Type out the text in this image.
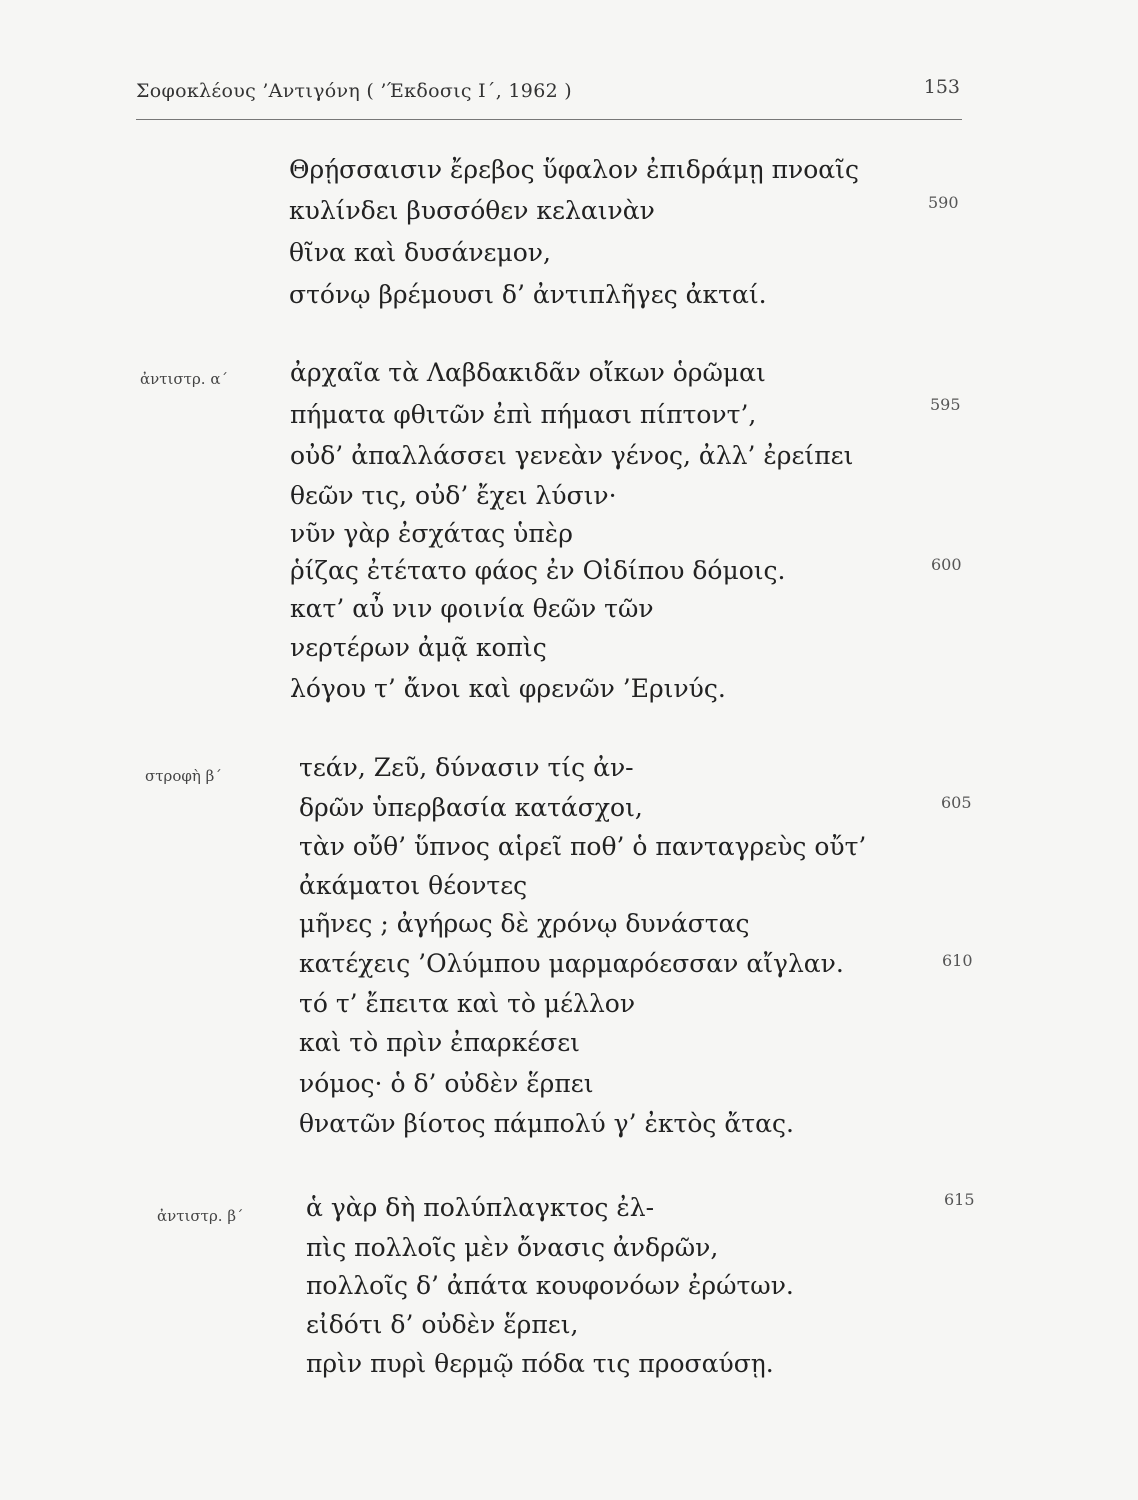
Σοφοκλέους ’Αντιγόνη ( ’Έκδοσις Ι΄, 1962 )	153
Θρῄσσαισιν ἔρεβος ὕφαλον ἐπιδράμῃ πνοαῖς
κυλίνδει βυσσόθεν κελαινὰν
θῖνα καὶ δυσάνεμον,
στόνῳ βρέμουσι δ’ ἀντιπλῆγες ἀκταί.
590
ἀντιστρ. α΄ ἀρχαῖα τὰ Λαβδακιδᾶν οἴκων ὁρῶμαι
πήματα φθιτῶν ἐπὶ πήμασι πίπτοντ’,
οὐδ’ ἀπαλλάσσει γενεὰν γένος, ἀλλ’ ἐρείπει
θεῶν τις, οὐδ’ ἔχει λύσιν·
νῦν γὰρ ἐσχάτας ὑπὲρ
ῥίζας ἐτέτατο φάος ἐν Οἰδίπου δόμοις.
κατ’ αὖ νιν φοινία θεῶν τῶν
νερτέρων ἀμᾷ κοπὶς
λόγου τ’ ἄνοι καὶ φρενῶν ’Ερινύς.
595
600
στροφὴ β΄	τεάν, Ζεῦ, δύνασιν τίς ἀν-
δρῶν ὑπερβασία κατάσχοι,
τὰν οὔθ’ ὕπνος αἱρεῖ ποθ’ ὁ πανταγρεὺς οὔτ’
ἀκάματοι θέοντες
μῆνες ; ἀγήρως δὲ χρόνῳ δυνάστας
κατέχεις ’Ολύμπου μαρμαρόεσσαν αἴγλαν.
τό τ’ ἔπειτα καὶ τὸ μέλλον
καὶ τὸ πρὶν ἐπαρκέσει
νόμος· ὁ δ’ οὐδὲν ἕρπει
θνατῶν βίοτος πάμπολύ γ’ ἐκτὸς ἄτας.
605
610
ἀντιστρ. β΄	ἁ γὰρ δὴ πολύπλαγκτος ἐλ-
πὶς πολλοῖς μὲν ὄνασις ἀνδρῶν,
πολλοῖς δ’ ἀπάτα κουφονόων ἐρώτων.
εἰδότι δ’ οὐδὲν ἕρπει,
πρὶν πυρὶ θερμῷ πόδα τις προσαύσῃ.
615
